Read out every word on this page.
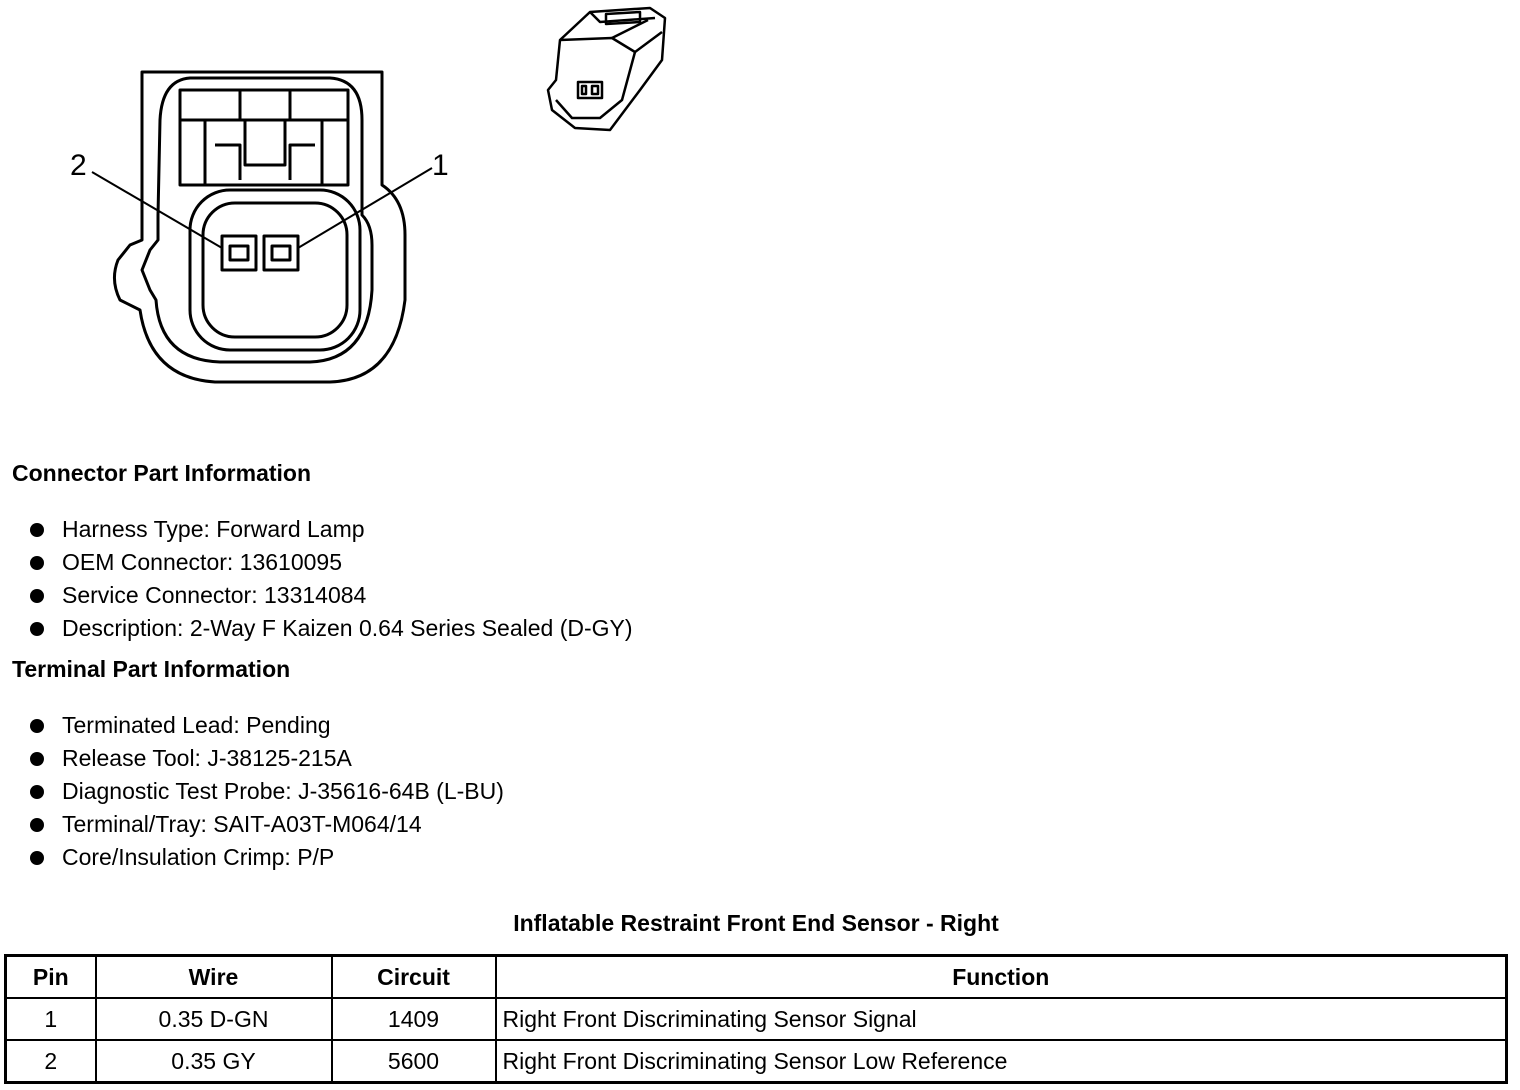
2	1
Connector Part Information
Harness Type: Forward Lamp
OEM Connector: 13610095
Service Connector: 13314084
Description: 2-Way F Kaizen 0.64 Series Sealed (D-GY)
Terminal Part Information
Terminated Lead: Pending
Release Tool: J-38125-215A
Diagnostic Test Probe: J-35616-64B (L-BU)
Terminal/Tray: SAIT-A03T-M064/14
Core/Insulation Crimp: P/P
Inflatable Restraint Front End Sensor - Right
Pin	Wire	Circuit	Function
1	0.35 D-GN	1409	Right Front Discriminating Sensor Signal
2	0.35 GY	5600	Right Front Discriminating Sensor Low Reference
